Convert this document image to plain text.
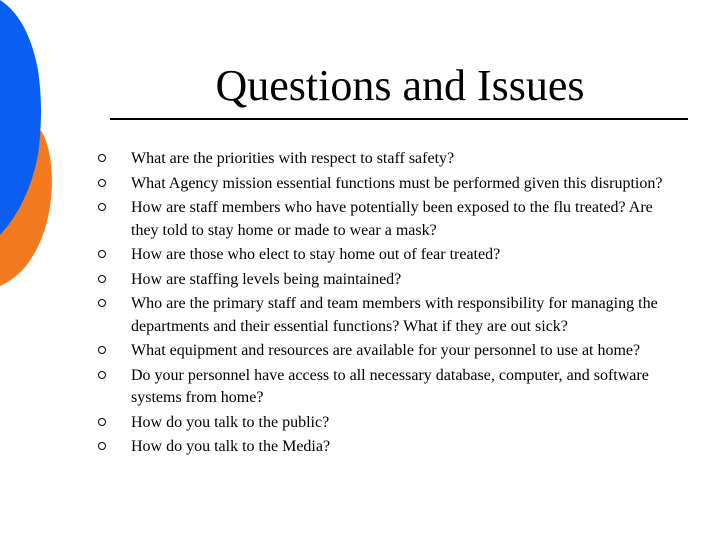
Questions and Issues
What are the priorities with respect to staff safety?
What Agency mission essential functions must be performed given this disruption?
How are staff members who have potentially been exposed to the flu treated? Are they told to stay home or made to wear a mask?
How are those who elect to stay home out of fear treated?
How are staffing levels being maintained?
Who are the primary staff and team members with responsibility for managing the departments and their essential functions? What if they are out sick?
What equipment and resources are available for your personnel to use at home?
Do your personnel have access to all necessary database, computer, and software systems from home?
How do you talk to the public?
How do you talk to the Media?
